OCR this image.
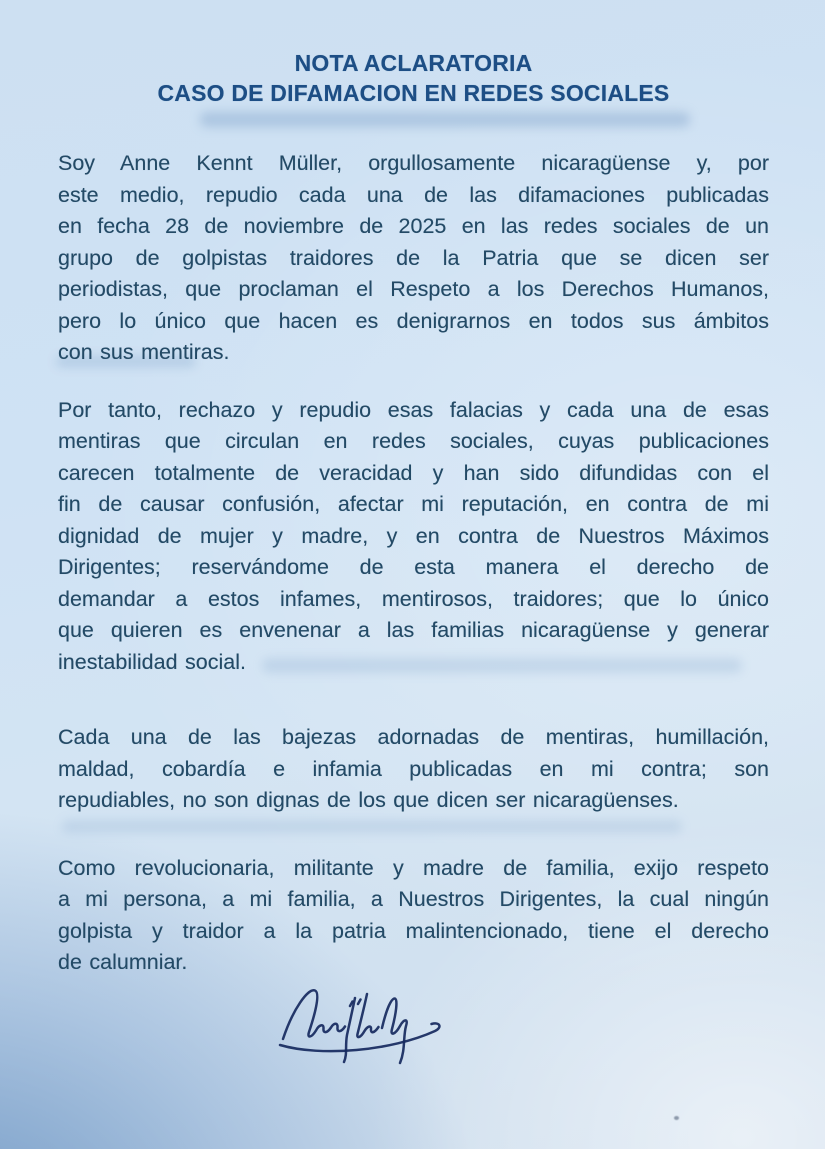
NOTA ACLARATORIA
CASO DE DIFAMACION EN REDES SOCIALES
Soy Anne Kennt Müller, orgullosamente nicaragüense y, por
este medio, repudio cada una de las difamaciones publicadas
en fecha 28 de noviembre de 2025 en las redes sociales de un
grupo de golpistas traidores de la Patria que se dicen ser
periodistas, que proclaman el Respeto a los Derechos Humanos,
pero lo único que hacen es denigrarnos en todos sus ámbitos
con sus mentiras.
Por tanto, rechazo y repudio esas falacias y cada una de esas
mentiras que circulan en redes sociales, cuyas publicaciones
carecen totalmente de veracidad y han sido difundidas con el
fin de causar confusión, afectar mi reputación, en contra de mi
dignidad de mujer y madre, y en contra de Nuestros Máximos
Dirigentes; reservándome de esta manera el derecho de
demandar a estos infames, mentirosos, traidores; que lo único
que quieren es envenenar a las familias nicaragüense y generar
inestabilidad social.
Cada una de las bajezas adornadas de mentiras, humillación,
maldad, cobardía e infamia publicadas en mi contra; son
repudiables, no son dignas de los que dicen ser nicaragüenses.
Como revolucionaria, militante y madre de familia, exijo respeto
a mi persona, a mi familia, a Nuestros Dirigentes, la cual ningún
golpista y traidor a la patria malintencionado, tiene el derecho
de calumniar.
